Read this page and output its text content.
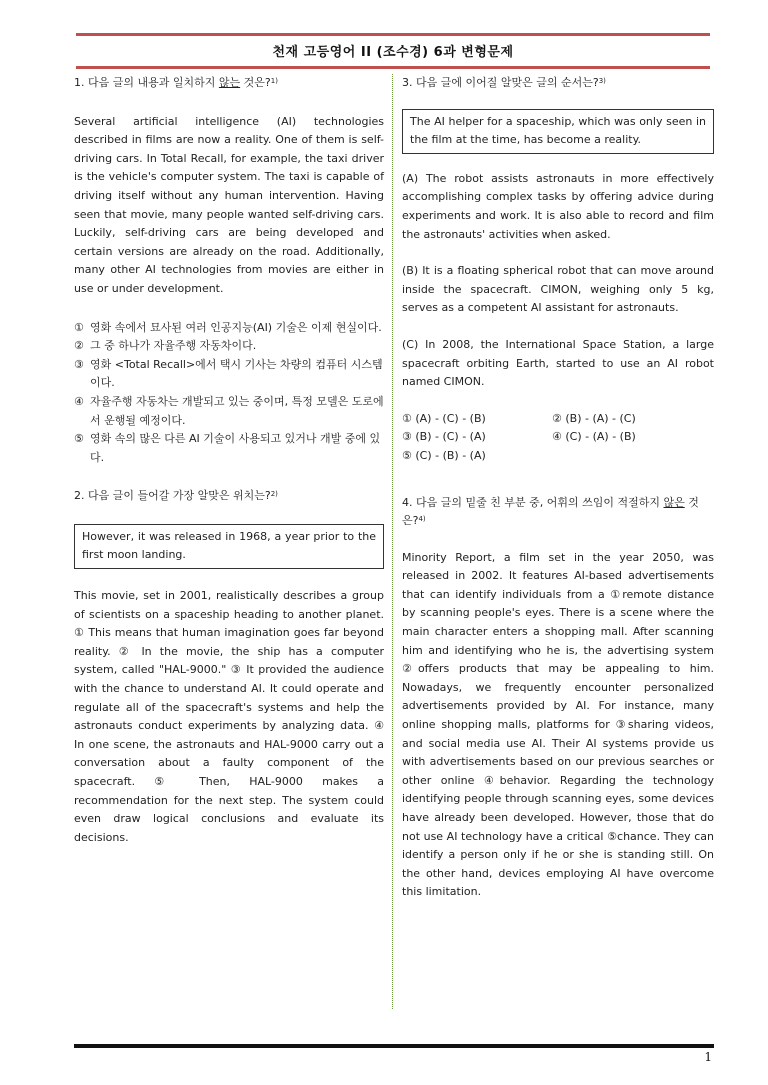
천재 고등영어 II (조수경) 6과 변형문제

1. 다음 글의 내용과 일치하지 않는 것은?$^{1)}$

Several artificial intelligence (AI) technologies described in films are now a reality. One of them is self-driving cars. In Total Recall, for example, the taxi driver is the vehicle's computer system. The taxi is capable of driving itself without any human intervention. Having seen that movie, many people wanted self-driving cars. Luckily, self-driving cars are being developed and certain versions are already on the road. Additionally, many other AI technologies from movies are either in use or under development.

① 영화 속에서 묘사된 여러 인공지능(AI) 기술은 이제 현실이다.
② 그 중 하나가 자율주행 자동차이다.
③ 영화 <Total Recall>에서 택시 기사는 차량의 컴퓨터 시스템이다.
④ 자율주행 자동차는 개발되고 있는 중이며, 특정 모델은 도로에서 운행될 예정이다.
⑤ 영화 속의 많은 다른 AI 기술이 사용되고 있거나 개발 중에 있다.

2. 다음 글이 들어갈 가장 알맞은 위치는?$^{2)}$

However, it was released in 1968, a year prior to the first moon landing.

This movie, set in 2001, realistically describes a group of scientists on a spaceship heading to another planet. ① This means that human imagination goes far beyond reality. ② In the movie, the ship has a computer system, called "HAL-9000." ③ It provided the audience with the chance to understand AI. It could operate and regulate all of the spacecraft's systems and help the astronauts conduct experiments by analyzing data. ④ In one scene, the astronauts and HAL-9000 carry out a conversation about a faulty component of the spacecraft. ⑤ Then, HAL-9000 makes a recommendation for the next step. The system could even draw logical conclusions and evaluate its decisions.

3. 다음 글에 이어질 알맞은 글의 순서는?$^{3)}$

The AI helper for a spaceship, which was only seen in the film at the time, has become a reality.

(A) The robot assists astronauts in more effectively accomplishing complex tasks by offering advice during experiments and work. It is also able to record and film the astronauts' activities when asked.

(B) It is a floating spherical robot that can move around inside the spacecraft. CIMON, weighing only 5 kg, serves as a competent AI assistant for astronauts.

(C) In 2008, the International Space Station, a large spacecraft orbiting Earth, started to use an AI robot named CIMON.

① (A) - (C) - (B)	② (B) - (A) - (C)
③ (B) - (C) - (A)	④ (C) - (A) - (B)
⑤ (C) - (B) - (A)

4. 다음 글의 밑줄 친 부분 중, 어휘의 쓰임이 적절하지 않은 것은?$^{4)}$

Minority Report, a film set in the year 2050, was released in 2002. It features AI-based advertisements that can identify individuals from a ①remote distance by scanning people's eyes. There is a scene where the main character enters a shopping mall. After scanning him and identifying who he is, the advertising system ②offers products that may be appealing to him. Nowadays, we frequently encounter personalized advertisements provided by AI. For instance, many online shopping malls, platforms for ③sharing videos, and social media use AI. Their AI systems provide us with advertisements based on our previous searches or other online ④behavior. Regarding the technology identifying people through scanning eyes, some devices have already been developed. However, those that do not use AI technology have a critical ⑤chance. They can identify a person only if he or she is standing still. On the other hand, devices employing AI have overcome this limitation.

1
